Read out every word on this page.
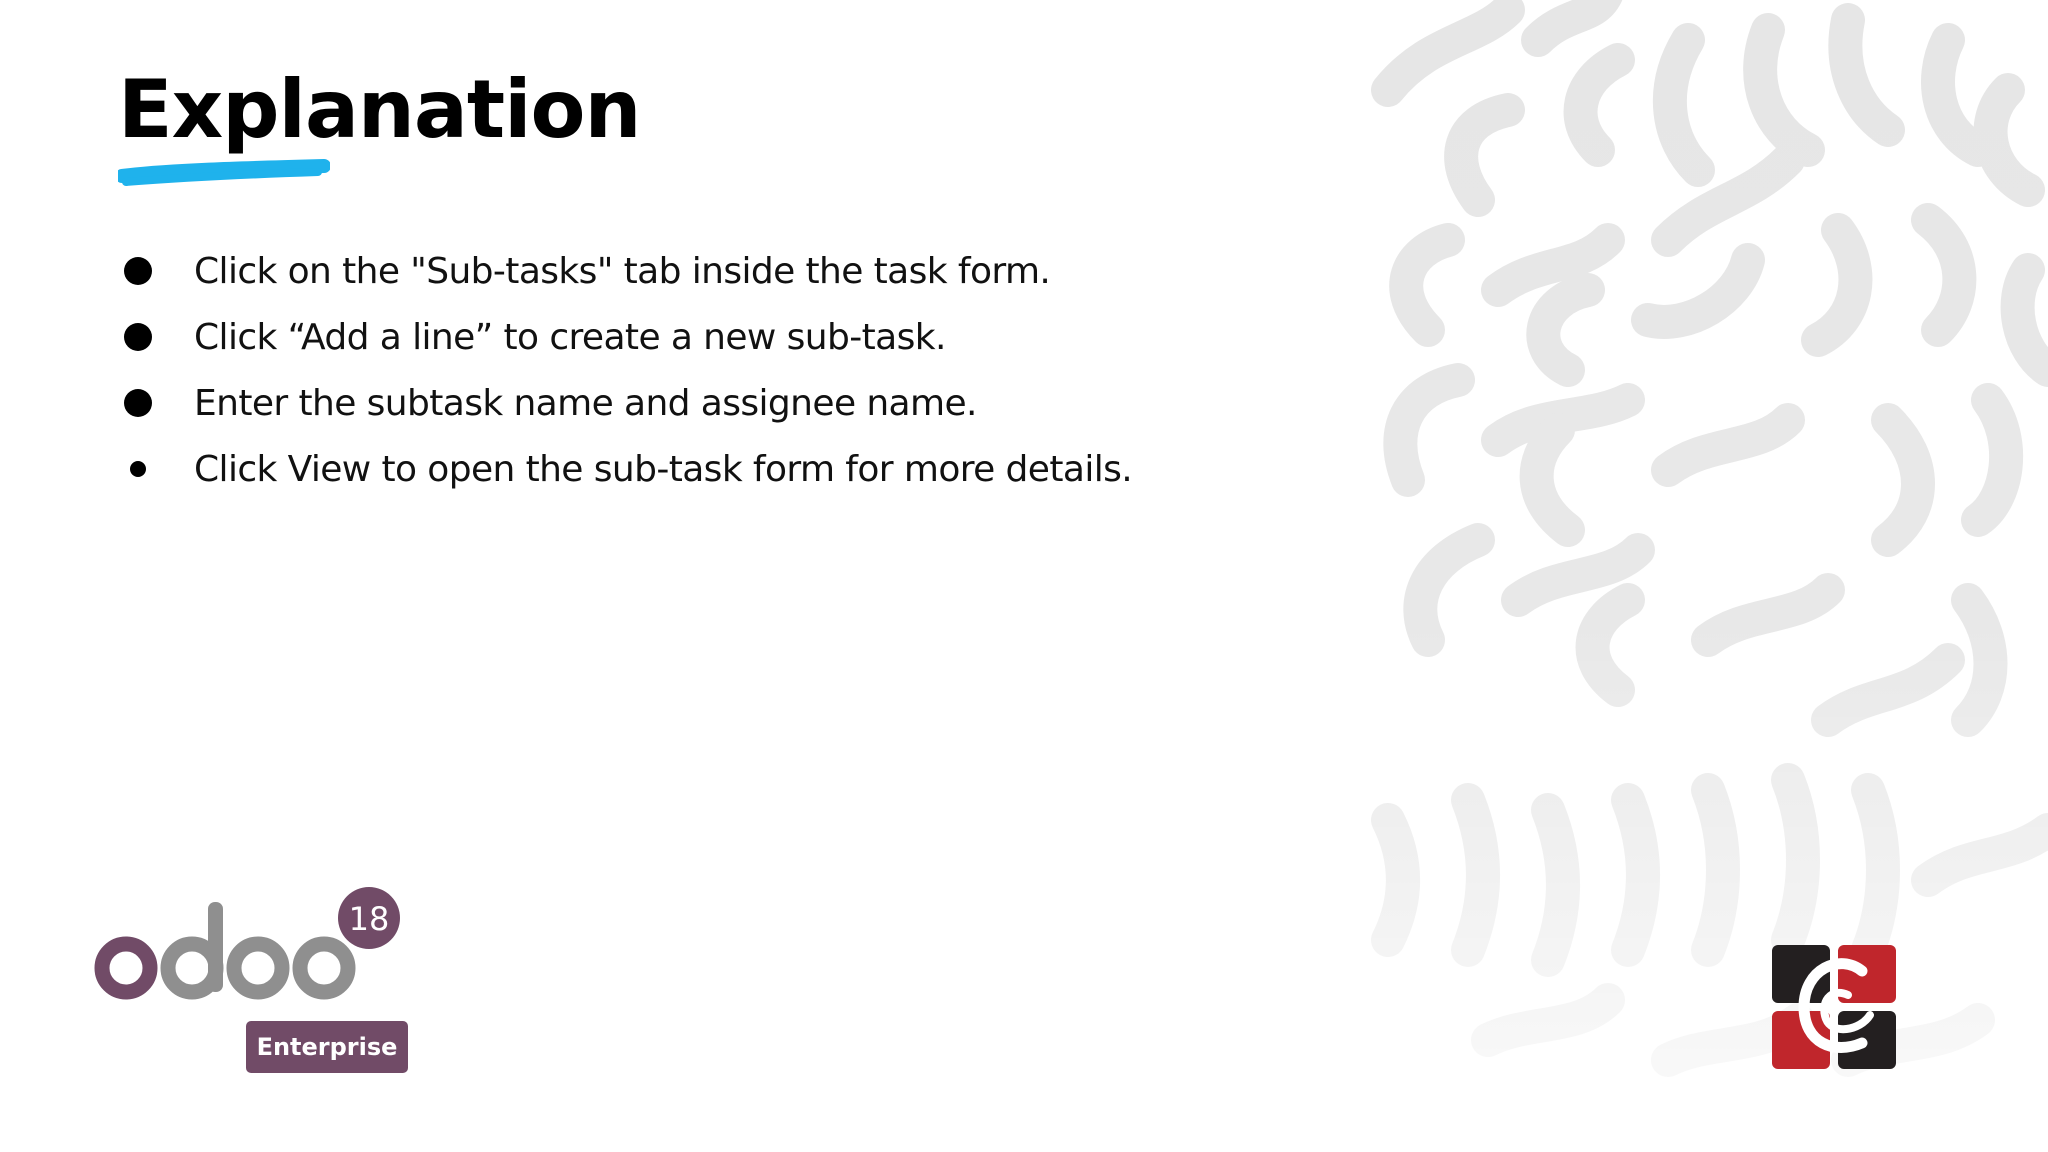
Explanation
Click on the "Sub-tasks" tab inside the task form.
Click “Add a line” to create a new sub-task.
Enter the subtask name and assignee name.
Click View to open the sub-task form for more details.
18
Enterprise
